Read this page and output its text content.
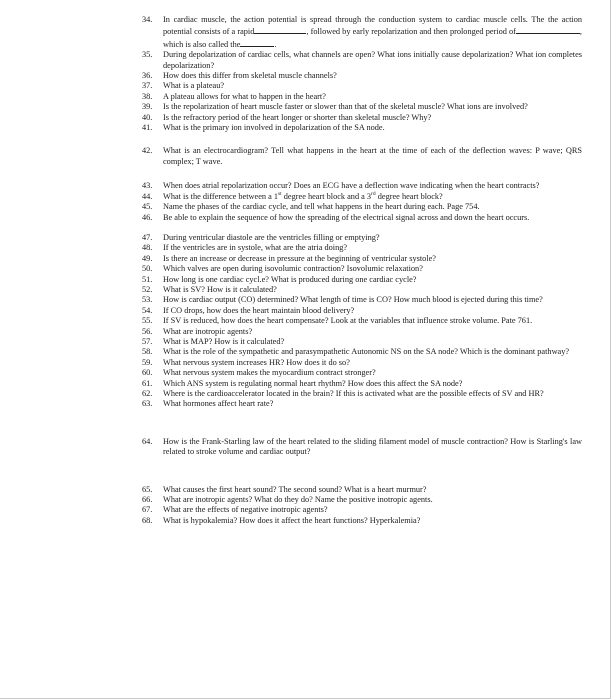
34.	In cardiac muscle, the action potential is spread through the conduction system to cardiac muscle cells. The the action potential consists of a rapid	, followed by early repolarization and then prolonged period of	, which is also called the	.
35.	During depolarization of cardiac cells, what channels are open? What ions initially cause depolarization? What ion completes depolarization?
36.	How does this differ from skeletal muscle channels?
37.	What is a plateau?
38.	A plateau allows for what to happen in the heart?
39.	Is the repolarization of heart muscle faster or slower than that of the skeletal muscle? What ions are involved?
40.	Is the refractory period of the heart longer or shorter than skeletal muscle? Why?
41.	What is the primary ion involved in depolarization of the SA node.
42.	What is an electrocardiogram? Tell what happens in the heart at the time of each of the deflection waves: P wave; QRS complex; T wave.
43.	When does atrial repolarization occur? Does an ECG have a deflection wave indicating when the heart contracts?
44.	What is the difference between a 1st degree heart block and a 3rd degree heart block?
45.	Name the phases of the cardiac cycle, and tell what happens in the heart during each. Page 754.
46.	Be able to explain the sequence of how the spreading of the electrical signal across and down the heart occurs.
47.	During ventricular diastole are the ventricles filling or emptying?
48.	If the ventricles are in systole, what are the atria doing?
49.	Is there an increase or decrease in pressure at the beginning of ventricular systole?
50.	Which valves are open during isovolumic contraction? Isovolumic relaxation?
51.	How long is one cardiac cycl.e? What is produced during one cardiac cycle?
52.	What is SV? How is it calculated?
53.	How is cardiac output (CO) determined? What length of time is CO? How much blood is ejected during this time?
54.	If CO drops, how does the heart maintain blood delivery?
55.	If SV is reduced, how does the heart compensate? Look at the variables that influence stroke volume. Pate 761.
56.	What are inotropic agents?
57.	What is MAP? How is it calculated?
58.	What is the role of the sympathetic and parasympathetic Autonomic NS on the SA node? Which is the dominant pathway?
59.	What nervous system increases HR? How does it do so?
60.	What nervous system makes the myocardium contract stronger?
61.	Which ANS system is regulating normal heart rhythm? How does this affect the SA node?
62.	Where is the cardioaccelerator located in the brain? If this is activated what are the possible effects of SV and HR?
63.	What hormones affect heart rate?
64.	How is the Frank-Starling law of the heart related to the sliding filament model of muscle contraction? How is Starling's law related to stroke volume and cardiac output?
65.	What causes the first heart sound? The second sound? What is a heart murmur?
66.	What are inotropic agents? What do they do? Name the positive inotropic agents.
67.	What are the effects of negative inotropic agents?
68.	What is hypokalemia? How does it affect the heart functions? Hyperkalemia?
